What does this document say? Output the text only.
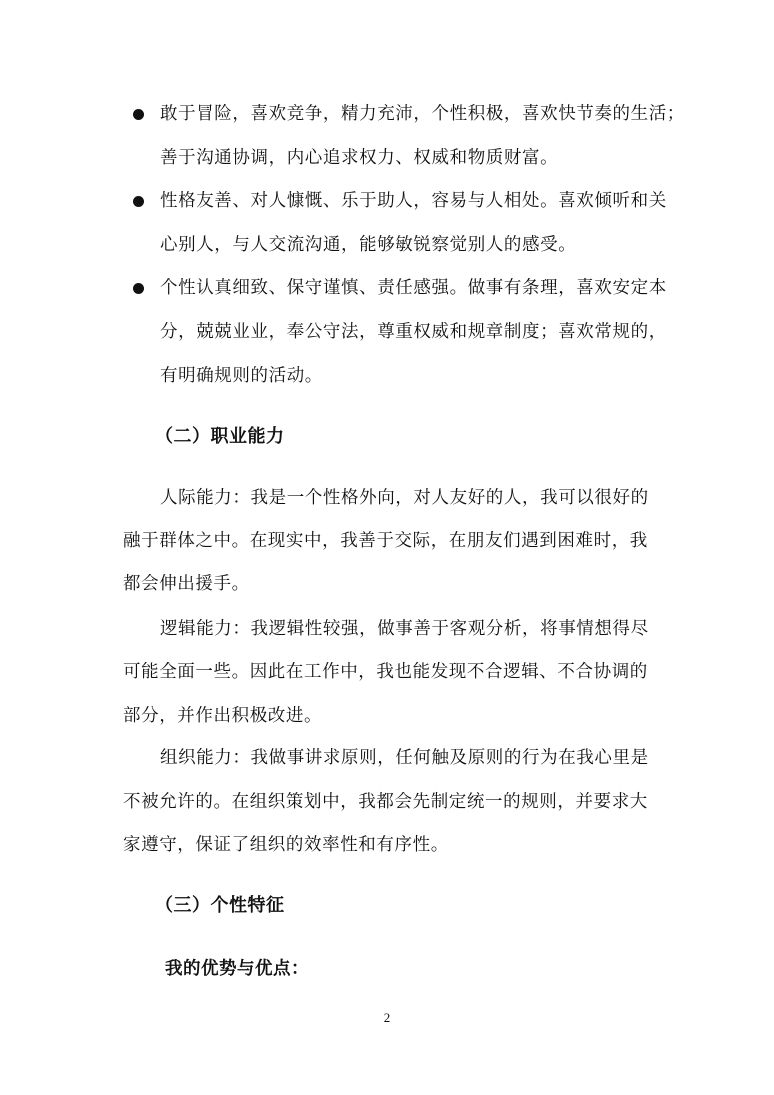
敢于冒险，喜欢竞争，精力充沛，个性积极，喜欢快节奏的生活；
善于沟通协调，内心追求权力、权威和物质财富。
性格友善、对人慷慨、乐于助人，容易与人相处。喜欢倾听和关
心别人，与人交流沟通，能够敏锐察觉别人的感受。
个性认真细致、保守谨慎、责任感强。做事有条理，喜欢安定本
分，兢兢业业，奉公守法，尊重权威和规章制度；喜欢常规的，
有明确规则的活动。
（二）职业能力
人际能力：我是一个性格外向，对人友好的人，我可以很好的
融于群体之中。在现实中，我善于交际，在朋友们遇到困难时，我
都会伸出援手。
逻辑能力：我逻辑性较强，做事善于客观分析，将事情想得尽
可能全面一些。因此在工作中，我也能发现不合逻辑、不合协调的
部分，并作出积极改进。
组织能力：我做事讲求原则，任何触及原则的行为在我心里是
不被允许的。在组织策划中，我都会先制定统一的规则，并要求大
家遵守，保证了组织的效率性和有序性。
（三）个性特征
我的优势与优点：
2
